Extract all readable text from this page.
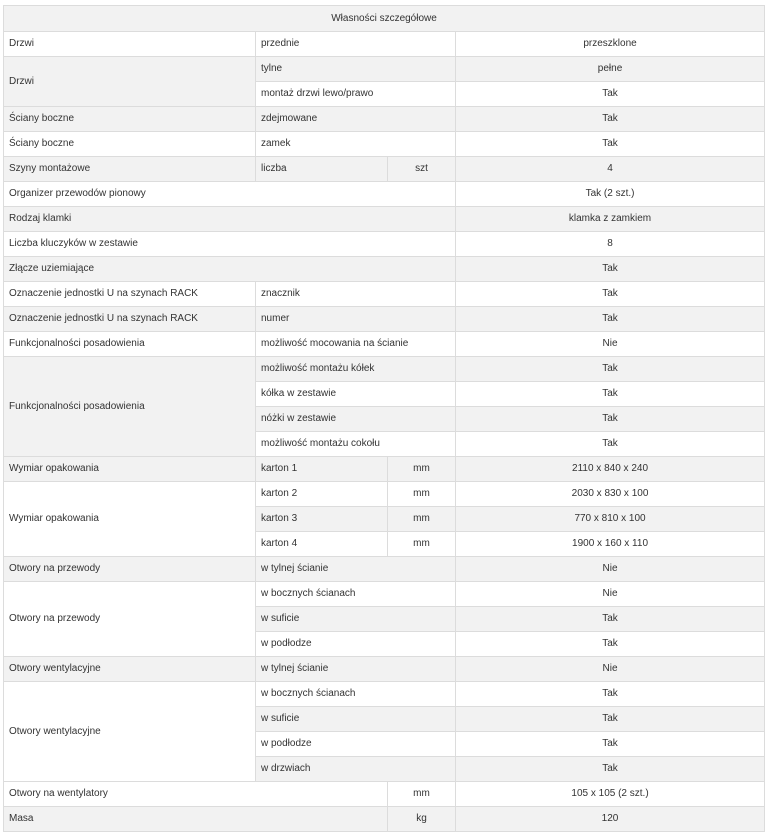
Własności szczegółowe			
Drzwi	przednie		przeszklone
Drzwi	tylne		pełne
	montaż drzwi lewo/prawo		Tak
Ściany boczne	zdejmowane		Tak
Ściany boczne	zamek		Tak
Szyny montażowe	liczba	szt	4
Organizer przewodów pionowy			Tak (2 szt.)
Rodzaj klamki			klamka z zamkiem
Liczba kluczyków w zestawie			8
Złącze uziemiające			Tak
Oznaczenie jednostki U na szynach RACK	znacznik		Tak
Oznaczenie jednostki U na szynach RACK	numer		Tak
Funkcjonalności posadowienia	możliwość mocowania na ścianie		Nie
Funkcjonalności posadowienia	możliwość montażu kółek		Tak
	kółka w zestawie		Tak
	nóżki w zestawie		Tak
	możliwość montażu cokołu		Tak
Wymiar opakowania	karton 1	mm	2110 x 840 x 240
Wymiar opakowania	karton 2	mm	2030 x 830 x 100
	karton 3	mm	770 x 810 x 100
	karton 4	mm	1900 x 160 x 110
Otwory na przewody	w tylnej ścianie		Nie
Otwory na przewody	w bocznych ścianach		Nie
	w suficie		Tak
	w podłodze		Tak
Otwory wentylacyjne	w tylnej ścianie		Nie
Otwory wentylacyjne	w bocznych ścianach		Tak
	w suficie		Tak
	w podłodze		Tak
	w drzwiach		Tak
Otwory na wentylatory		mm	105 x 105 (2 szt.)
Masa		kg	120
